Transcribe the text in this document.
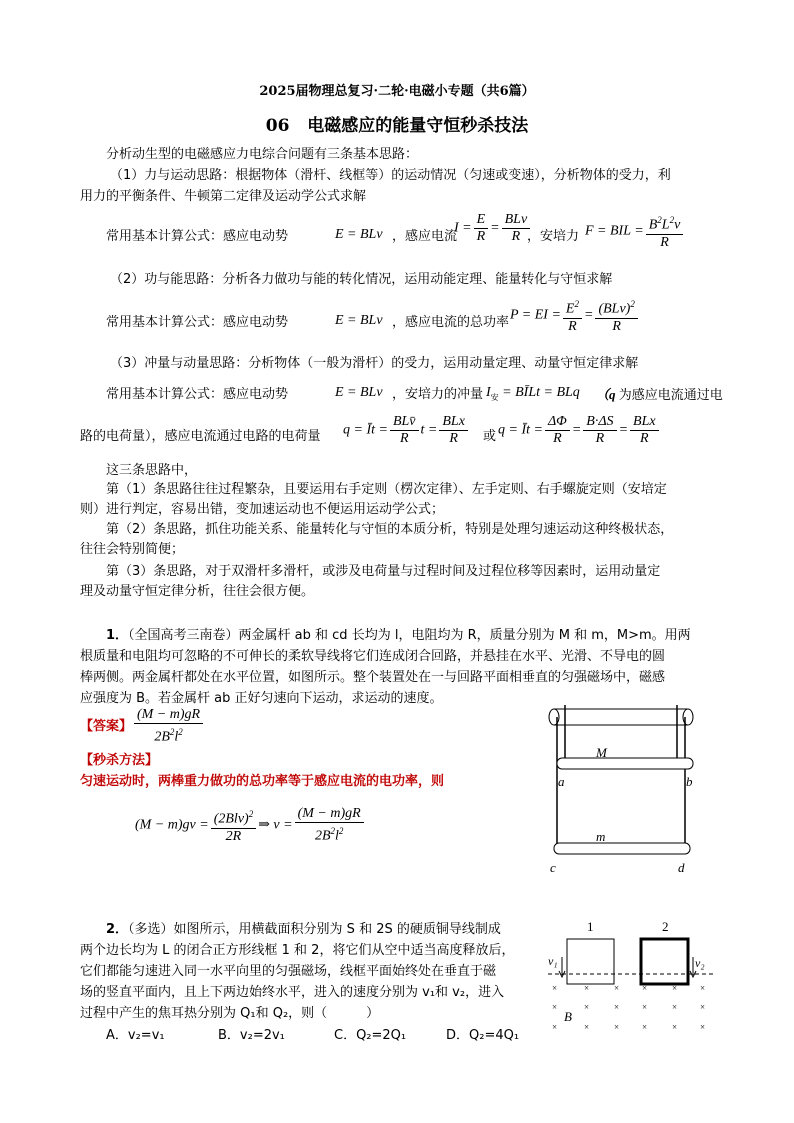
2025届物理总复习·二轮·电磁小专题（共6篇）
06 电磁感应的能量守恒秒杀技法
分析动生型的电磁感应力电综合问题有三条基本思路：
（1）力与运动思路：根据物体（滑杆、线框等）的运动情况（匀速或变速），分析物体的受力，利
用力的平衡条件、牛顿第二定律及运动学公式求解
常用基本计算公式：感应电动势	E = BLv ，感应电流
$I = \frac{E}{R} = \frac{\text{BLv}}{R}$
，安培力 F = BIL = $\frac{B^2L^2v}{R}$
（2）功与能思路：分析各力做功与能的转化情况，运用动能定理、能量转化与守恒求解
常用基本计算公式：感应电动势	E = BLv ，感应电流的总功率 P = EI = $\frac{E^2}{R} = \frac{(BLv)^2}{R}$
（3）冲量与动量思路：分析物体（一般为滑杆）的受力，运用动量定理、动量守恒定律求解
常用基本计算公式：感应电动势	E = BLv ，安培力的冲量 $I_安$ = BĪLt = BLq （q 为感应电流通过电
路的电荷量），感应电流通过电路的电荷量 q = Īt = $\frac{\text{BLv̄}}{R}$ $t = \frac{\text{BLx}}{R}$ 或 q = Īt = $\frac{\Delta\Phi}{R} = \frac{B\cdot\Delta S}{R} = \frac{\text{BLx}}{R}$
这三条思路中，
第（1）条思路往往过程繁杂，且要运用右手定则（楞次定律）、左手定则、右手螺旋定则（安培定
则）进行判定，容易出错，变加速运动也不便运用运动学公式；
第（2）条思路，抓住功能关系、能量转化与守恒的本质分析，特别是处理匀速运动这种终极状态，
往往会特别简便；
第（3）条思路，对于双滑杆多滑杆，或涉及电荷量与过程时间及过程位移等因素时，运用动量定
理及动量守恒定律分析，往往会很方便。
1．（全国高考三南卷）两金属杆 ab 和 cd 长均为 l，电阻均为 R，质量分别为 M 和 m，M>m。用两
根质量和电阻均可忽略的不可伸长的柔软导线将它们连成闭合回路，并悬挂在水平、光滑、不导电的圆
棒两侧。两金属杆都处在水平位置，如图所示。整个装置处在一与回路平面相垂直的匀强磁场中，磁感
应强度为 B。若金属杆 ab 正好匀速向下运动，求运动的速度。
【答案】 $\frac{(M - m)gR}{2B^2l^2}$
【秒杀方法】
匀速运动时，两棒重力做功的总功率等于感应电流的电功率，则
$(M - m)gv = \frac{(2Blv)^2}{2R}$ ⇒ $v = \frac{(M - m)gR}{2B^2l^2}$
M
a	b
m
c	d
2．（多选）如图所示，用横截面积分别为 S 和 2S 的硬质铜导线制成
两个边长均为 L 的闭合正方形线框 1 和 2，将它们从空中适当高度释放后，
它们都能匀速进入同一水平向里的匀强磁场，线框平面始终处在垂直于磁
场的竖直平面内，且上下两边始终水平，进入的速度分别为 v₁和 v₂，进入
过程中产生的焦耳热分别为 Q₁和 Q₂，则（　　　）
A．v₂=v₁	B．v₂=2v₁	C．Q₂=2Q₁	D．Q₂=4Q₁
1	2
v₁	v₂
×	×	×	×	×	×
×	×	×	×	×	×
×	×	×	×	×	×
B
